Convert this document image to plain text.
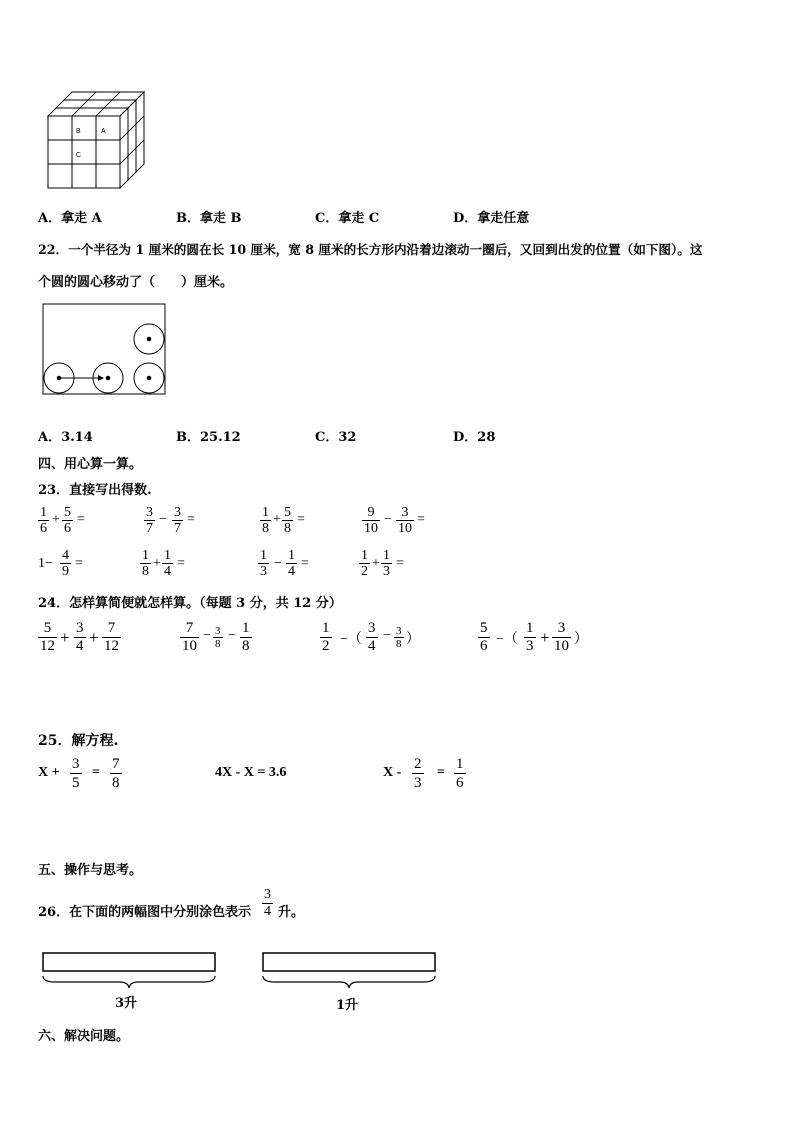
B	A
C
A．拿走 A	B．拿走 B	C．拿走 C	D．拿走任意
22．一个半径为 1 厘米的圆在长 10 厘米，宽 8 厘米的长方形内沿着边滚动一圈后，又回到出发的位置（如下图）。这
个圆的圆心移动了（　　）厘米。
A．3.14	B．25.12	C．32	D．28
四、用心算一算。
23．直接写出得数.
$\frac{1}{6} + \frac{5}{6}$ =	$\frac{3}{7} - \frac{3}{7}$ =	$\frac{1}{8} + \frac{5}{8}$ =	$\frac{9}{10} - \frac{3}{10}$ =
$1- \frac{4}{9}$ =	$\frac{1}{8} + \frac{1}{4}$ =	$\frac{1}{3} - \frac{1}{4}$ =	$\frac{1}{2} + \frac{1}{3}$ =
24．怎样算简便就怎样算。（每题 3 分，共 12 分）
$\frac{5}{12} + \frac{3}{4} + \frac{7}{12}$	$\frac{7}{10} - \frac{3}{8} - \frac{1}{8}$	$\frac{1}{2}$ −（ $\frac{3}{4} - \frac{3}{8}$ ）	$\frac{5}{6}$ −（ $\frac{1}{3} + \frac{3}{10}$ ）
25．解方程.
$X + \frac{3}{5} = \frac{7}{8}$	4X - X = 3.6	$X - \frac{2}{3} = \frac{1}{6}$
五、操作与思考。
26．在下面的两幅图中分别涂色表示 $\frac{3}{4}$ 升。
3升	1升
六、解决问题。
